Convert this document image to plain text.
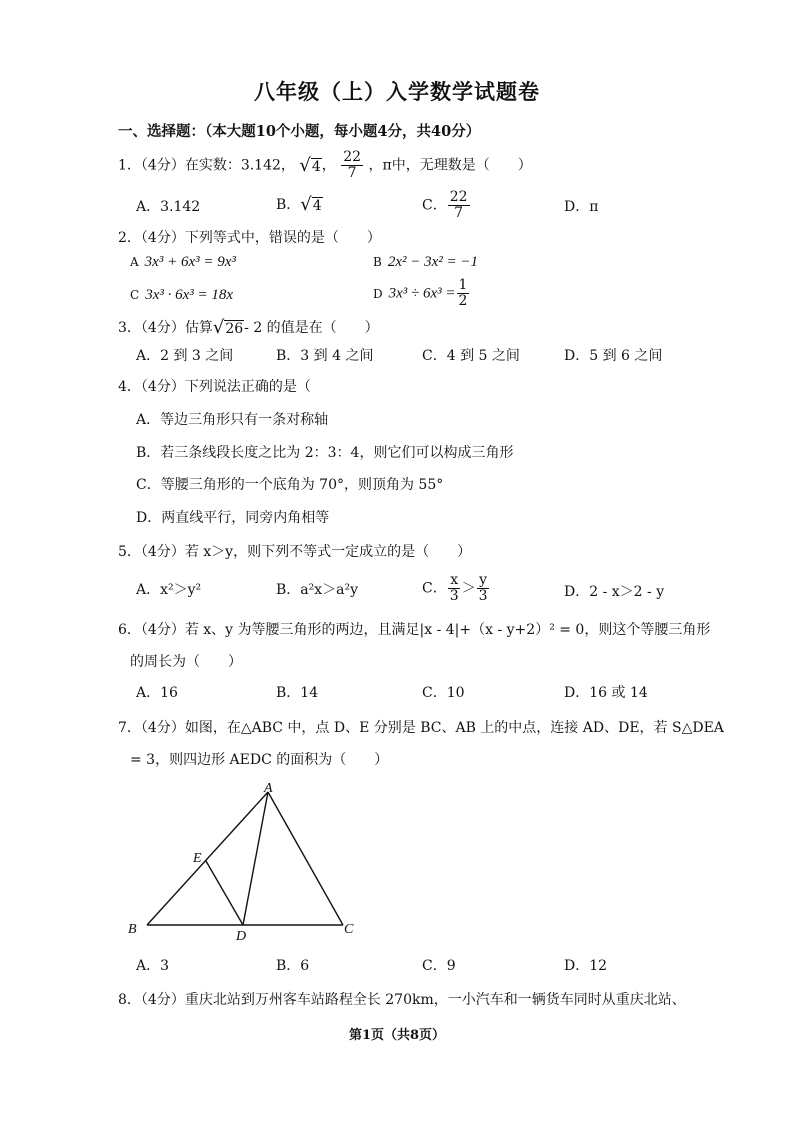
八年级（上）入学数学试题卷
一、选择题：（本大题10个小题，每小题4分，共40分）
1．（4分）在实数：3.142， √ 4 ， $\frac{22}{7}$ ，π中，无理数是（　　）
A．3.142	B． √ 4	C． $\frac{22}{7}$	D．π
2．（4分）下列等式中，错误的是（　　）
A 3x³ + 6x³ = 9x³	B 2x² − 3x² = −1
C 3x³ · 6x³ = 18x	D $3x^3 \div 6x^3 = \frac{1}{2}$
3．（4分）估算 √ 26 - 2 的值是在（　　）
A．2 到 3 之间	B．3 到 4 之间	C．4 到 5 之间	D．5 到 6 之间
4．（4分）下列说法正确的是（
A．等边三角形只有一条对称轴
B．若三条线段长度之比为 2：3：4，则它们可以构成三角形
C．等腰三角形的一个底角为 70°，则顶角为 55°
D．两直线平行，同旁内角相等
5．（4分）若 x＞y，则下列不等式一定成立的是（　　）
A．x²＞y²	B．a²x＞a²y	C． $\frac{x}{3} > \frac{y}{3}$	D．2 - x＞2 - y
6．（4分）若 x、y 为等腰三角形的两边，且满足|x - 4|+（x - y+2）² = 0，则这个等腰三角形
的周长为（　　）
A．16	B．14	C．10	D．16 或 14
7．（4分）如图，在△ABC 中，点 D、E 分别是 BC、AB 上的中点，连接 AD、DE，若 S△DEA
= 3，则四边形 AEDC 的面积为（　　）
A
B	C
D
E
A．3	B．6	C．9	D．12
8．（4分）重庆北站到万州客车站路程全长 270km，一小汽车和一辆货车同时从重庆北站、
第1页（共8页）
